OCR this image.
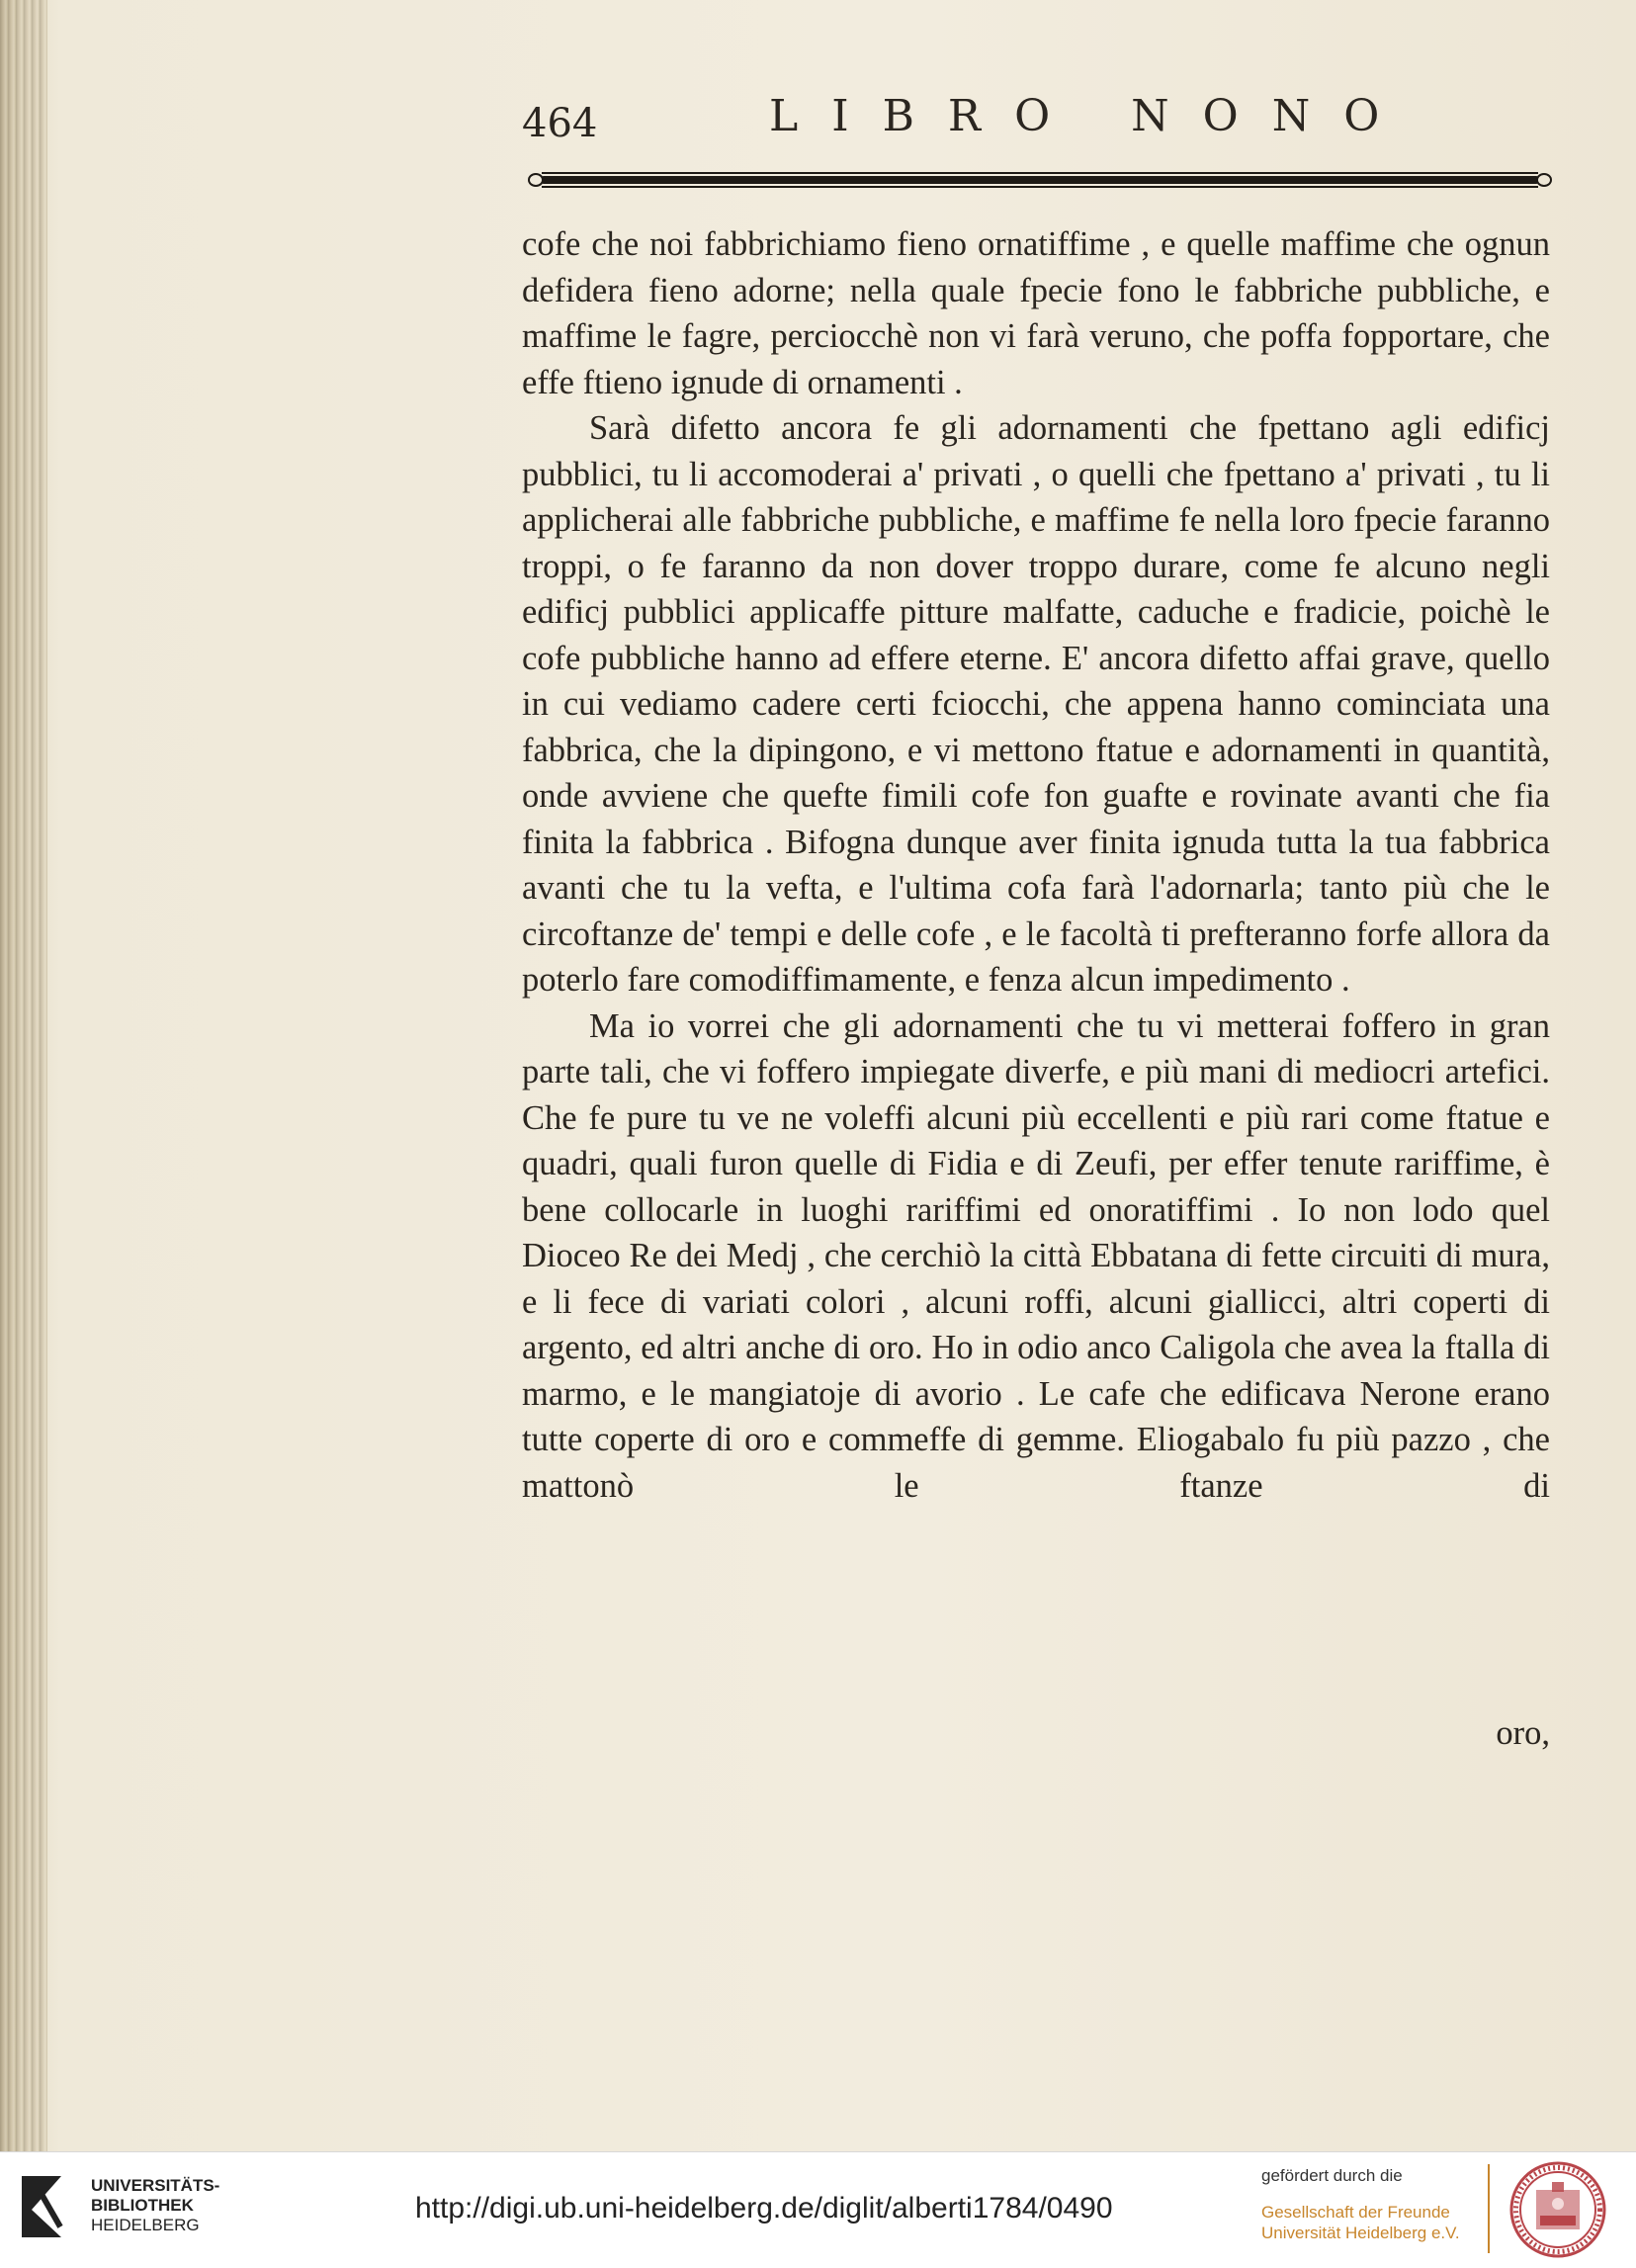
464	LIBRO NONO

cofe che noi fabbrichiamo fieno ornatiffime , e quelle maffime che ognun defidera fieno adorne; nella quale fpecie fono le fabbriche pubbliche, e maffime le fagre, perciocchè non vi farà veruno, che poffa fopportare, che effe ftieno ignude di ornamenti .

Sarà difetto ancora fe gli adornamenti che fpettano agli edificj pubblici, tu li accomoderai a' privati , o quelli che fpettano a' privati , tu li applicherai alle fabbriche pubbliche, e maffime fe nella loro fpecie faranno troppi, o fe faranno da non dover troppo durare, come fe alcuno negli edificj pubblici applicaffe pitture malfatte, caduche e fradicie, poichè le cofe pubbliche hanno ad effere eterne. E' ancora difetto affai grave, quello in cui vediamo cadere certi fciocchi, che appena hanno cominciata una fabbrica, che la dipingono, e vi mettono ftatue e adornamenti in quantità, onde avviene che quefte fimili cofe fon guafte e rovinate avanti che fia finita la fabbrica . Bifogna dunque aver finita ignuda tutta la tua fabbrica avanti che tu la vefta, e l'ultima cofa farà l'adornarla; tanto più che le circoftanze de' tempi e delle cofe , e le facoltà ti prefteranno forfe allora da poterlo fare comodiffimamente, e fenza alcun impedimento .

Ma io vorrei che gli adornamenti che tu vi metterai foffero in gran parte tali, che vi foffero impiegate diverfe, e più mani di mediocri artefici. Che fe pure tu ve ne voleffi alcuni più eccellenti e più rari come ftatue e quadri, quali furon quelle di Fidia e di Zeufi, per effer tenute rariffime, è bene collocarle in luoghi rariffimi ed onoratiffimi . Io non lodo quel Dioceo Re dei Medj , che cerchiò la città Ebbatana di fette circuiti di mura, e li fece di variati colori , alcuni roffi, alcuni giallicci, altri coperti di argento, ed altri anche di oro. Ho in odio anco Caligola che avea la ftalla di marmo, e le mangiatoje di avorio . Le cafe che edificava Nerone erano tutte coperte di oro e commeffe di gemme. Eliogabalo fu più pazzo , che mattonò le ftanze di

oro,
UNIVERSITÄTS-
BIBLIOTHEK
HEIDELBERG
http://digi.ub.uni-heidelberg.de/diglit/alberti1784/0490
gefördert durch die
Gesellschaft der Freunde
Universität Heidelberg e.V.
